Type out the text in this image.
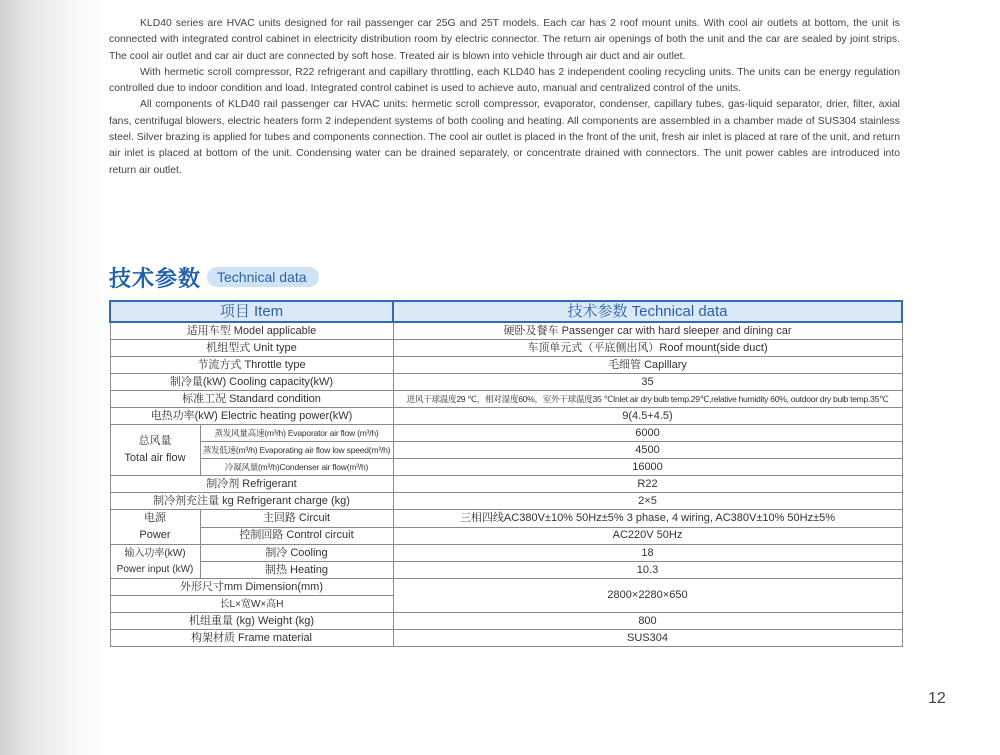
KLD40 series are HVAC units designed for rail passenger car 25G and 25T models. Each car has 2 roof mount units. With cool air outlets at bottom, the unit is connected with integrated control cabinet in electricity distribution room by electric connector. The return air openings of both the unit and the car are sealed by joint strips. The cool air outlet and car air duct are connected by soft hose. Treated air is blown into vehicle through air duct and air outlet.

With hermetic scroll compressor, R22 refrigerant and capillary throttling, each KLD40 has 2 independent cooling recycling units. The units can be energy regulation controlled due to indoor condition and load. Integrated control cabinet is used to achieve auto, manual and centralized control of the units.

All components of KLD40 rail passenger car HVAC units: hermetic scroll compressor, evaporator, condenser, capillary tubes, gas-liquid separator, drier, filter, axial fans, centrifugal blowers, electric heaters form 2 independent systems of both cooling and heating. All components are assembled in a chamber made of SUS304 stainless steel. Silver brazing is applied for tubes and components connection. The cool air outlet is placed in the front of the unit, fresh air inlet is placed at rare of the unit, and return air inlet is placed at bottom of the unit. Condensing water can be drained separately, or concentrate drained with connectors. The unit power cables are introduced into return air outlet.

技术参数	Technical data
项目 Item		技术参数 Technical data
适用车型 Model applicable		硬卧及餐车 Passenger car with hard sleeper and dining car
机组型式 Unit type		车顶单元式（平底侧出风）Roof mount(side duct)
节流方式 Throttle type		毛细管 Capillary
制冷量(kW) Cooling capacity(kW)		35
标准工况 Standard condition		进风干球温度29 ℃，相对湿度60%，室外干球温度35 ℃Inlet air dry bulb temp.29℃,relative humidity 60%, outdoor dry bulb temp.35℃
电热功率(kW) Electric heating power(kW)		9(4.5+4.5)

总风量
Total air flow	蒸发风量高速(m³/h) Evaporator air flow (m³/h)	6000
	蒸发低速(m³/h) Evaporating air flow low speed(m³/h)	4500
	冷凝风量(m³/h)Condenser air flow(m³/h)	16000
制冷剂 Refrigerant		R22
制冷剂充注量 kg Refrigerant charge (kg)		2×5

电源
Power	主回路 Circuit	三相四线AC380V±10% 50Hz±5% 3 phase, 4 wiring, AC380V±10% 50Hz±5%
	控制回路 Control circuit	AC220V 50Hz

输入功率(kW)
Power input (kW)	制冷 Cooling	18
	制热 Heating	10.3
外形尺寸mm Dimension(mm)		2800×2280×650
长L×宽W×高H		
机组重量 (kg) Weight (kg)		800
构架材质 Frame material		SUS304
12
